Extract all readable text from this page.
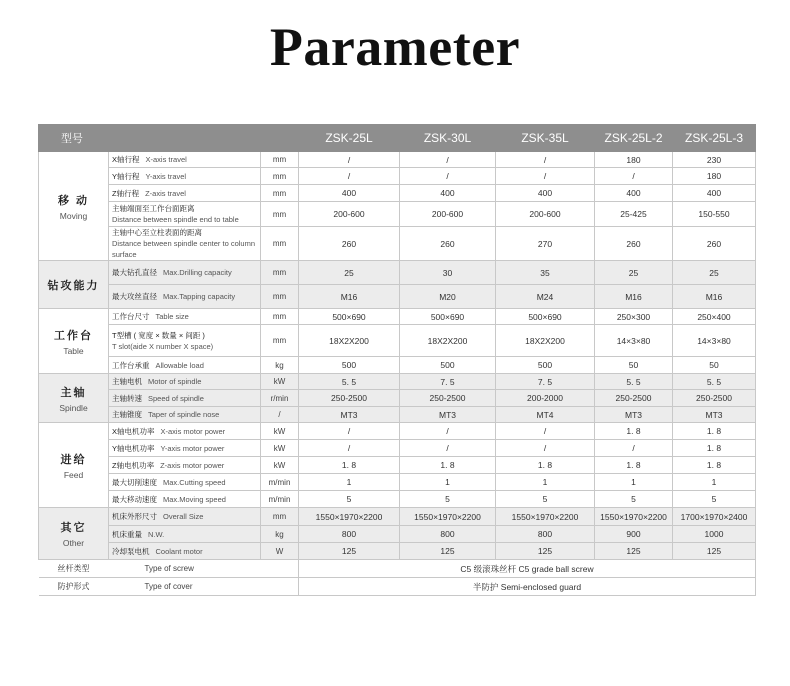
Parameter
型号			ZSK-25L	ZSK-30L	ZSK-35L	ZSK-25L-2	ZSK-25L-3

移 动
Moving	X轴行程 X-axis travel	mm	/	/	/	180	230
	Y轴行程 Y-axis travel	mm	/	/	/	/	180
	Z轴行程 Z-axis travel	mm	400	400	400	400	400
	主轴端面至工作台面距离
Distance between spindle end to table	mm	200-600	200-600	200-600	25-425	150-550
	主轴中心至立柱表面的距离
Distance between spindle center to column surface	mm	260	260	270	260	260

钻攻能力	最大钻孔直径 Max.Drilling capacity	mm	25	30	35	25	25
	最大攻丝直径 Max.Tapping capacity	mm	M16	M20	M24	M16	M16

工作台
Table	工作台尺寸 Table size	mm	500×690	500×690	500×690	250×300	250×400
	T型槽 ( 宽度 × 数量 × 间距 )
T slot(aide X number X space)	mm	18X2X200	18X2X200	18X2X200	14×3×80	14×3×80
	工作台承重 Allowable load	kg	500	500	500	50	50

主轴
Spindle	主轴电机 Motor of spindle	kW	5. 5	7. 5	7. 5	5. 5	5. 5
	主轴转速 Speed of spindle	r/min	250-2500	250-2500	200-2000	250-2500	250-2500
	主轴锥度 Taper of spindle nose	/	MT3	MT3	MT4	MT3	MT3

进给
Feed	X轴电机功率 X-axis motor power	kW	/	/	/	1. 8	1. 8
	Y轴电机功率 Y-axis motor power	kW	/	/	/	/	1. 8
	Z轴电机功率 Z-axis motor power	kW	1. 8	1. 8	1. 8	1. 8	1. 8
	最大切削速度 Max.Cutting speed	m/min	1	1	1	1	1
	最大移动速度 Max.Moving speed	m/min	5	5	5	5	5

其它
Other	机床外形尺寸 Overall Size	mm	1550×1970×2200	1550×1970×2200	1550×1970×2200	1550×1970×2200	1700×1970×2400
	机床重量 N.W.	kg	800	800	800	900	1000
	冷却泵电机 Coolant motor	W	125	125	125	125	125
丝杆类型	Type of screw		C5 级滚珠丝杆 C5 grade ball screw				
防护形式	Type of cover		半防护 Semi-enclosed guard				
